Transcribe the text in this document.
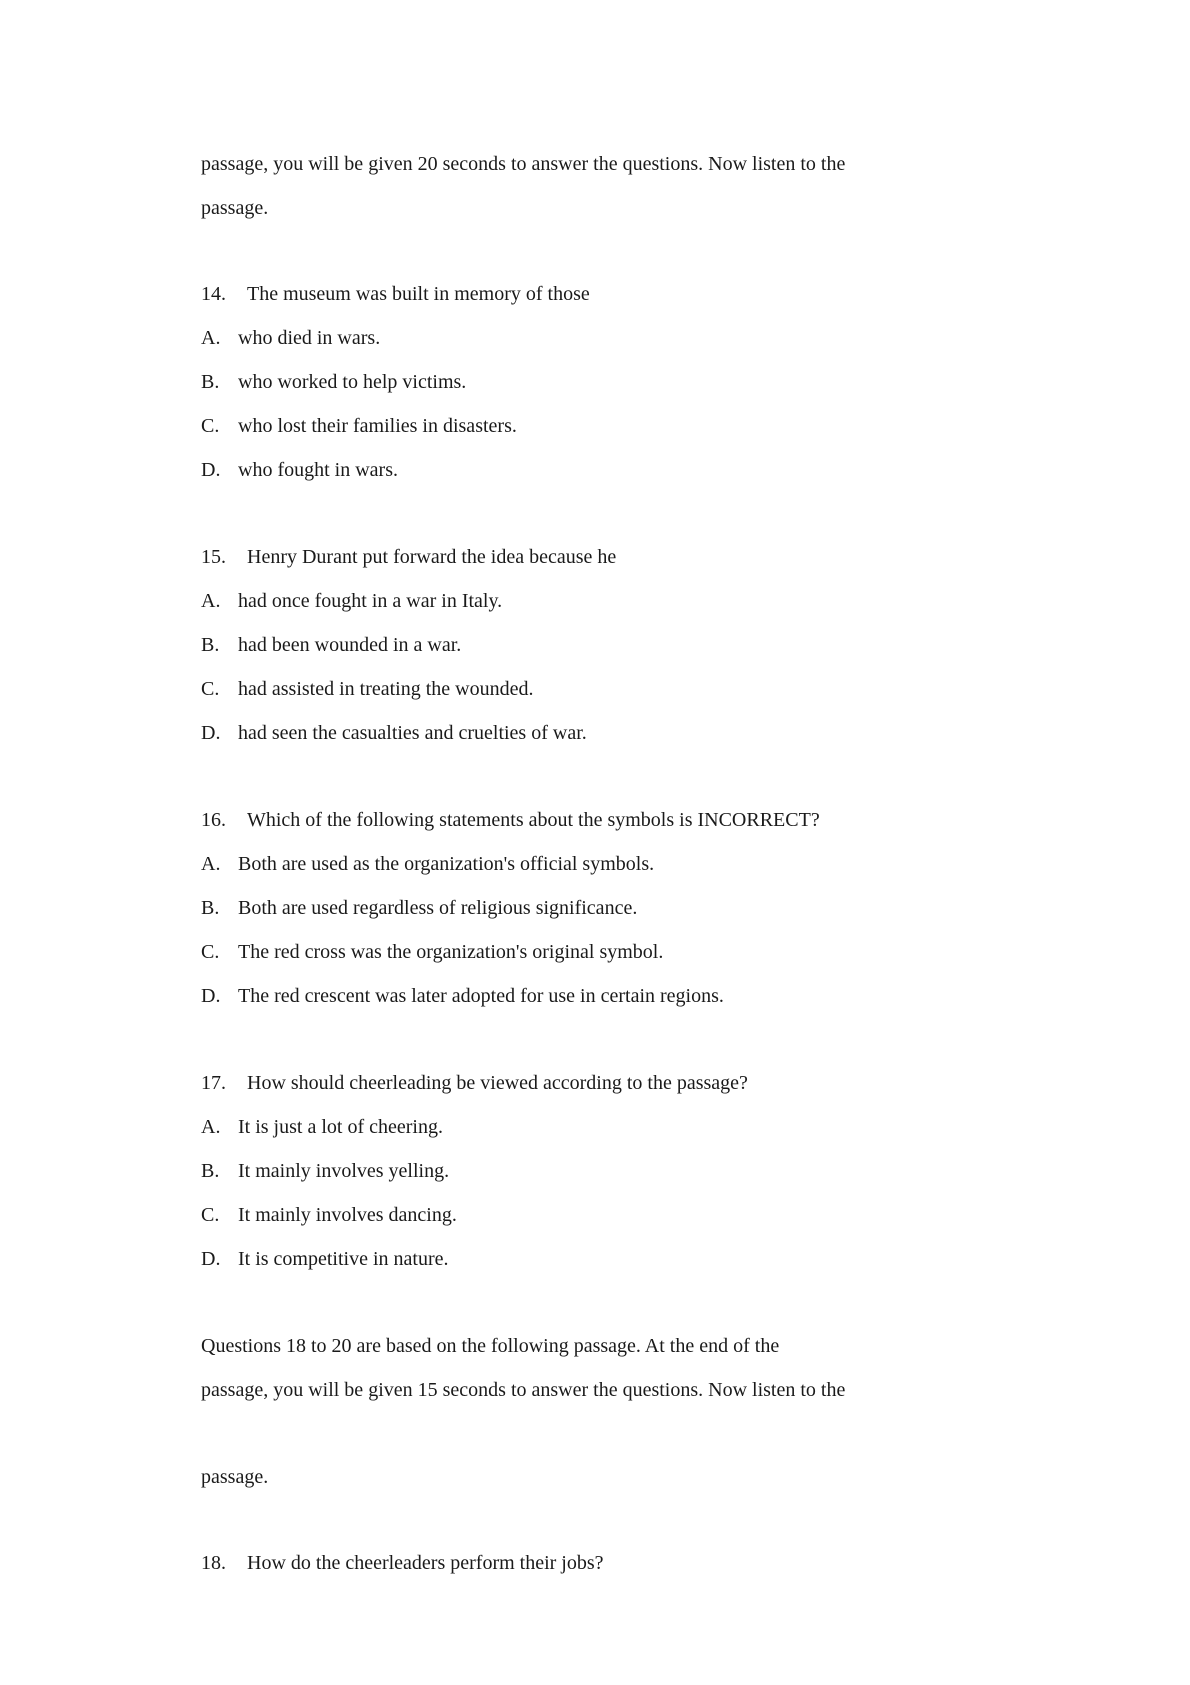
passage, you will be given 20 seconds to answer the questions. Now listen to the
passage.
14. The museum was built in memory of those
A. who died in wars.
B. who worked to help victims.
C. who lost their families in disasters.
D. who fought in wars.
15. Henry Durant put forward the idea because he
A. had once fought in a war in Italy.
B. had been wounded in a war.
C. had assisted in treating the wounded.
D. had seen the casualties and cruelties of war.
16. Which of the following statements about the symbols is INCORRECT?
A. Both are used as the organization's official symbols.
B. Both are used regardless of religious significance.
C. The red cross was the organization's original symbol.
D. The red crescent was later adopted for use in certain regions.
17. How should cheerleading be viewed according to the passage?
A. It is just a lot of cheering.
B. It mainly involves yelling.
C. It mainly involves dancing.
D. It is competitive in nature.
Questions 18 to 20 are based on the following passage. At the end of the
passage, you will be given 15 seconds to answer the questions. Now listen to the
passage.
18. How do the cheerleaders perform their jobs?
